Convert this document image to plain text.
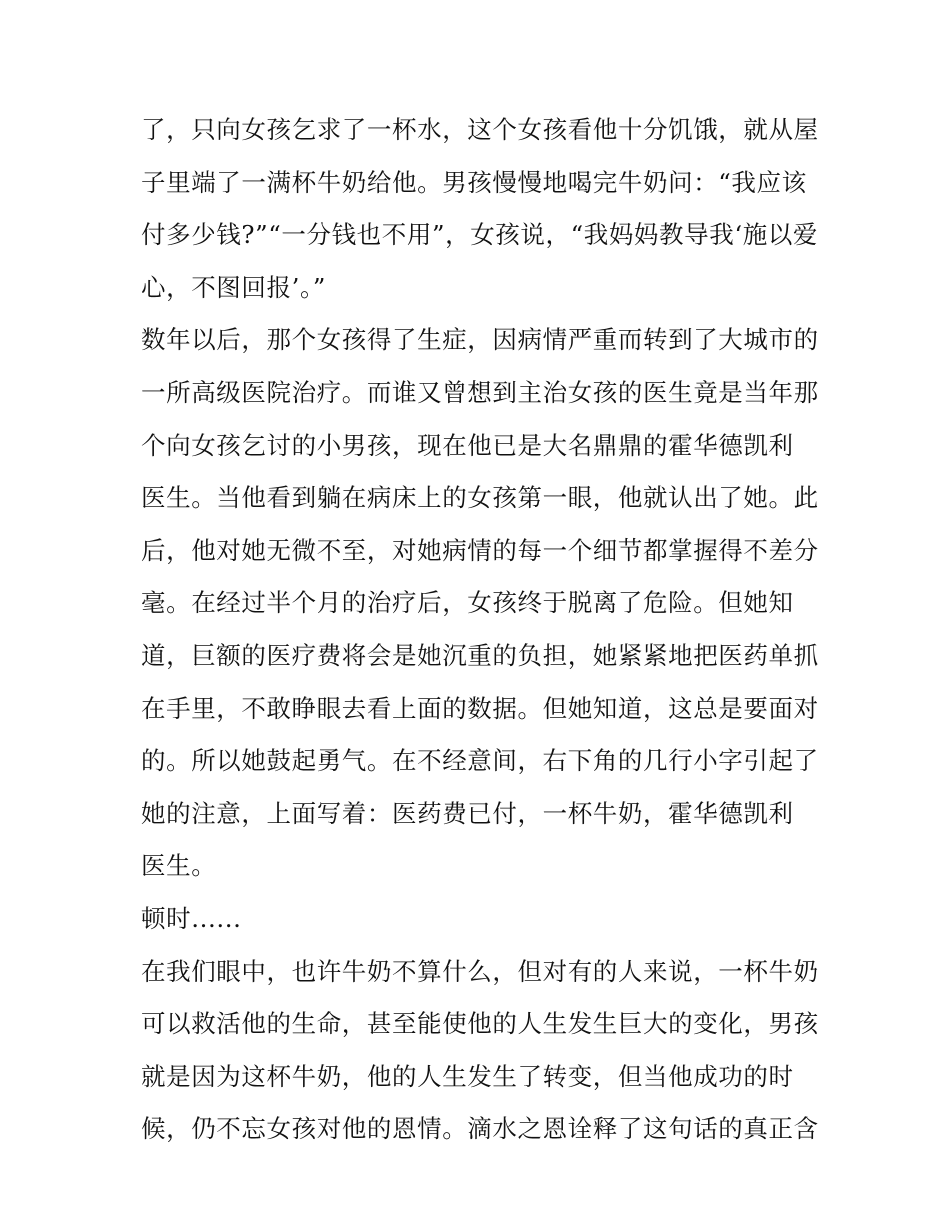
了，只向女孩乞求了一杯水，这个女孩看他十分饥饿，就从屋
子里端了一满杯牛奶给他。男孩慢慢地喝完牛奶问：“我应该
付多少钱?”“一分钱也不用”，女孩说，“我妈妈教导我‘施以爱
心，不图回报’。”
数年以后，那个女孩得了生症，因病情严重而转到了大城市的
一所高级医院治疗。而谁又曾想到主治女孩的医生竟是当年那
个向女孩乞讨的小男孩，现在他已是大名鼎鼎的霍华德凯利
医生。当他看到躺在病床上的女孩第一眼，他就认出了她。此
后，他对她无微不至，对她病情的每一个细节都掌握得不差分
毫。在经过半个月的治疗后，女孩终于脱离了危险。但她知
道，巨额的医疗费将会是她沉重的负担，她紧紧地把医药单抓
在手里，不敢睁眼去看上面的数据。但她知道，这总是要面对
的。所以她鼓起勇气。在不经意间，右下角的几行小字引起了
她的注意，上面写着：医药费已付，一杯牛奶，霍华德凯利
医生。
顿时......
在我们眼中，也许牛奶不算什么，但对有的人来说，一杯牛奶
可以救活他的生命，甚至能使他的人生发生巨大的变化，男孩
就是因为这杯牛奶，他的人生发生了转变，但当他成功的时
候，仍不忘女孩对他的恩情。滴水之恩诠释了这句话的真正含
